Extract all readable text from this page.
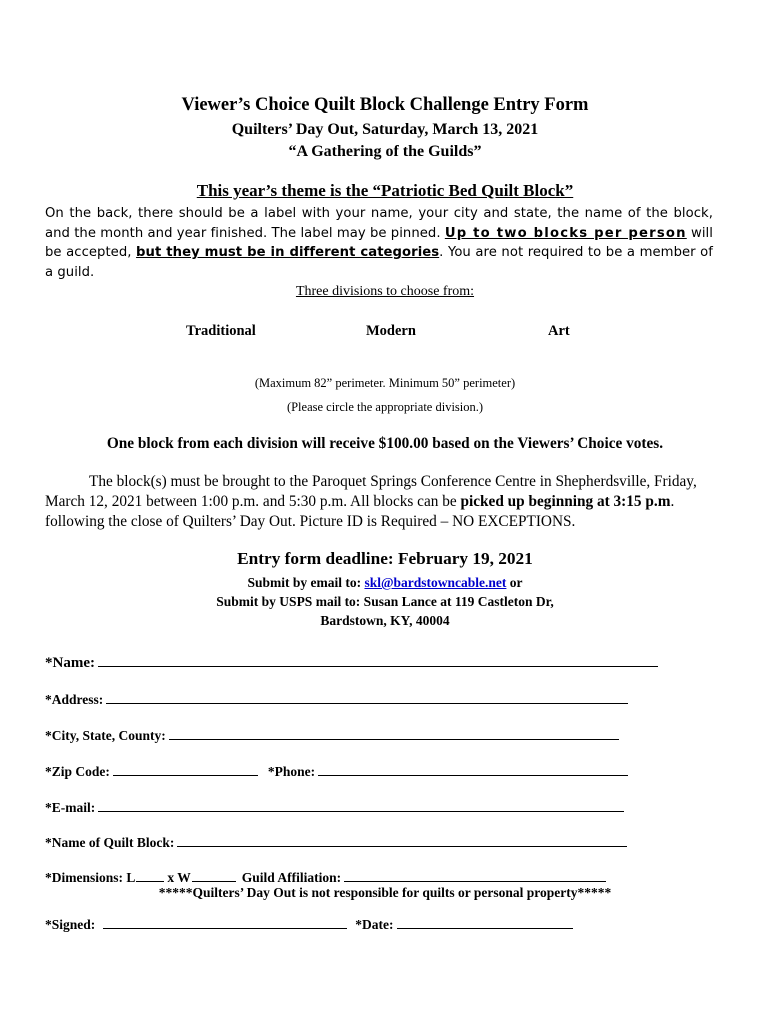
Viewer’s Choice Quilt Block Challenge Entry Form
Quilters’ Day Out, Saturday, March 13, 2021
“A Gathering of the Guilds”
This year’s theme is the “Patriotic Bed Quilt Block”
On the back, there should be a label with your name, your city and state, the name of the block, and the month and year finished. The label may be pinned. Up to two blocks per person will be accepted, but they must be in different categories. You are not required to be a member of a guild.
Three divisions to choose from:
Traditional	Modern	Art
(Maximum 82” perimeter. Minimum 50” perimeter)
(Please circle the appropriate division.)
One block from each division will receive $100.00 based on the Viewers’ Choice votes.
The block(s) must be brought to the Paroquet Springs Conference Centre in Shepherdsville, Friday, March 12, 2021 between 1:00 p.m. and 5:30 p.m. All blocks can be picked up beginning at 3:15 p.m. following the close of Quilters’ Day Out. Picture ID is Required – NO EXCEPTIONS.
Entry form deadline: February 19, 2021
Submit by email to: skl@bardstowncable.net or
Submit by USPS mail to: Susan Lance at 119 Castleton Dr,
Bardstown, KY, 40004
*Name:
*Address:
*City, State, County:
*Zip Code:	*Phone:
*E-mail:
*Name of Quilt Block:
*Dimensions: L x W	Guild Affiliation:
*****Quilters’ Day Out is not responsible for quilts or personal property*****
*Signed:	*Date:
